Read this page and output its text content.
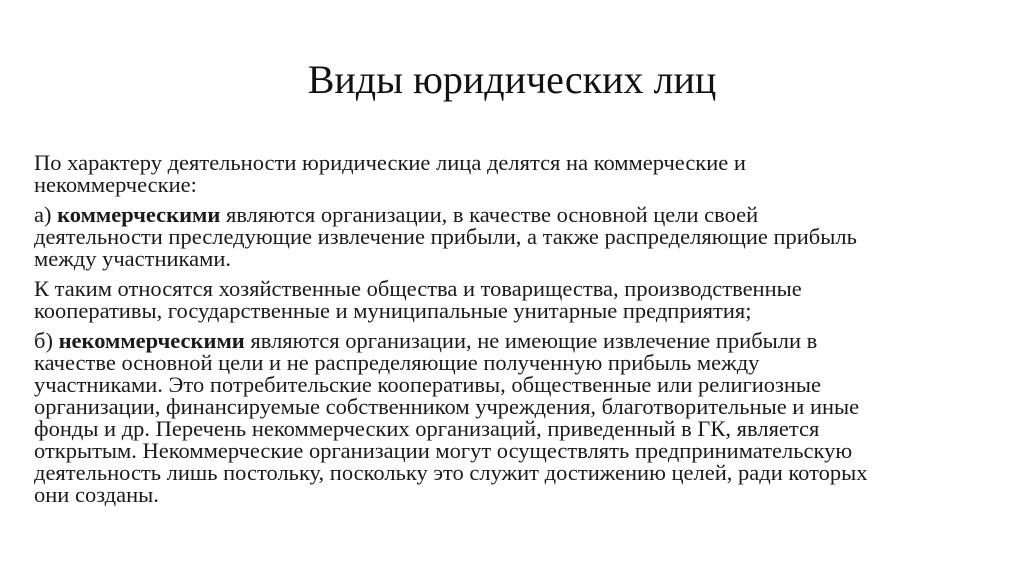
Виды юридических лиц
По характеру деятельности юридические лица делятся на коммерческие и
некоммерческие:
а) коммерческими являются организации, в качестве основной цели своей
деятельности преследующие извлечение прибыли, а также распределяющие прибыль
между участниками.
К таким относятся хозяйственные общества и товарищества, производственные
кооперативы, государственные и муниципальные унитарные предприятия;
б) некоммерческими являются организации, не имеющие извлечение прибыли в
качестве основной цели и не распределяющие полученную прибыль между
участниками. Это потребительские кооперативы, общественные или религиозные
организации, финансируемые собственником учреждения, благотворительные и иные
фонды и др. Перечень некоммерческих организаций, приведенный в ГК, является
открытым. Некоммерческие организации могут осуществлять предпринимательскую
деятельность лишь постольку, поскольку это служит достижению целей, ради которых
они созданы.
